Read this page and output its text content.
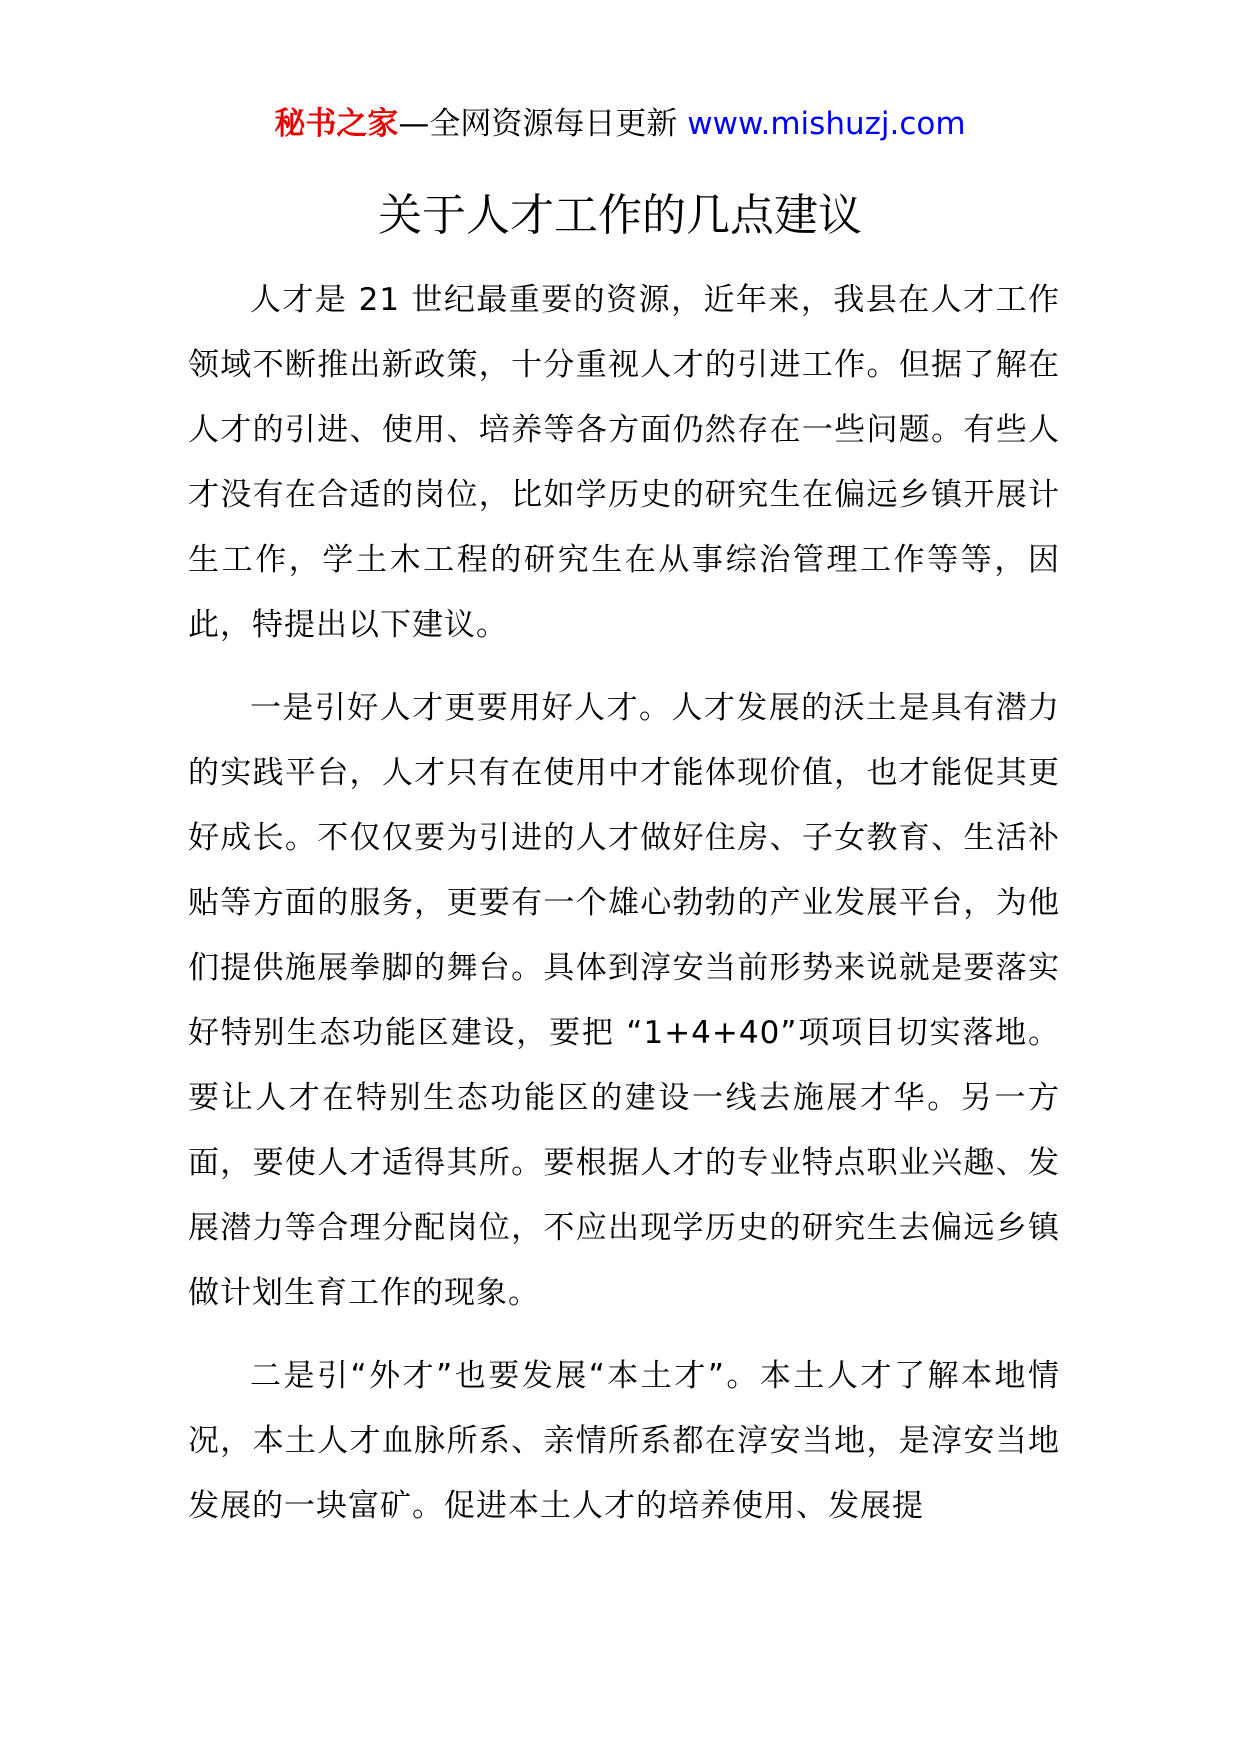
秘书之家—全网资源每日更新 www.mishuzj.com
关于人才工作的几点建议

人才是 21 世纪最重要的资源，近年来，我县在人才工作领域不断推出新政策，十分重视人才的引进工作。但据了解在人才的引进、使用、培养等各方面仍然存在一些问题。有些人才没有在合适的岗位，比如学历史的研究生在偏远乡镇开展计生工作，学土木工程的研究生在从事综治管理工作等等，因此，特提出以下建议。

一是引好人才更要用好人才。人才发展的沃土是具有潜力的实践平台，人才只有在使用中才能体现价值，也才能促其更好成长。不仅仅要为引进的人才做好住房、子女教育、生活补贴等方面的服务，更要有一个雄心勃勃的产业发展平台，为他们提供施展拳脚的舞台。具体到淳安当前形势来说就是要落实好特别生态功能区建设，要把 “1+4+40”项项目切实落地。要让人才在特别生态功能区的建设一线去施展才华。另一方面，要使人才适得其所。要根据人才的专业特点职业兴趣、发展潜力等合理分配岗位，不应出现学历史的研究生去偏远乡镇做计划生育工作的现象。

二是引“外才”也要发展“本土才”。本土人才了解本地情况，本土人才血脉所系、亲情所系都在淳安当地，是淳安当地发展的一块富矿。促进本土人才的培养使用、发展提
